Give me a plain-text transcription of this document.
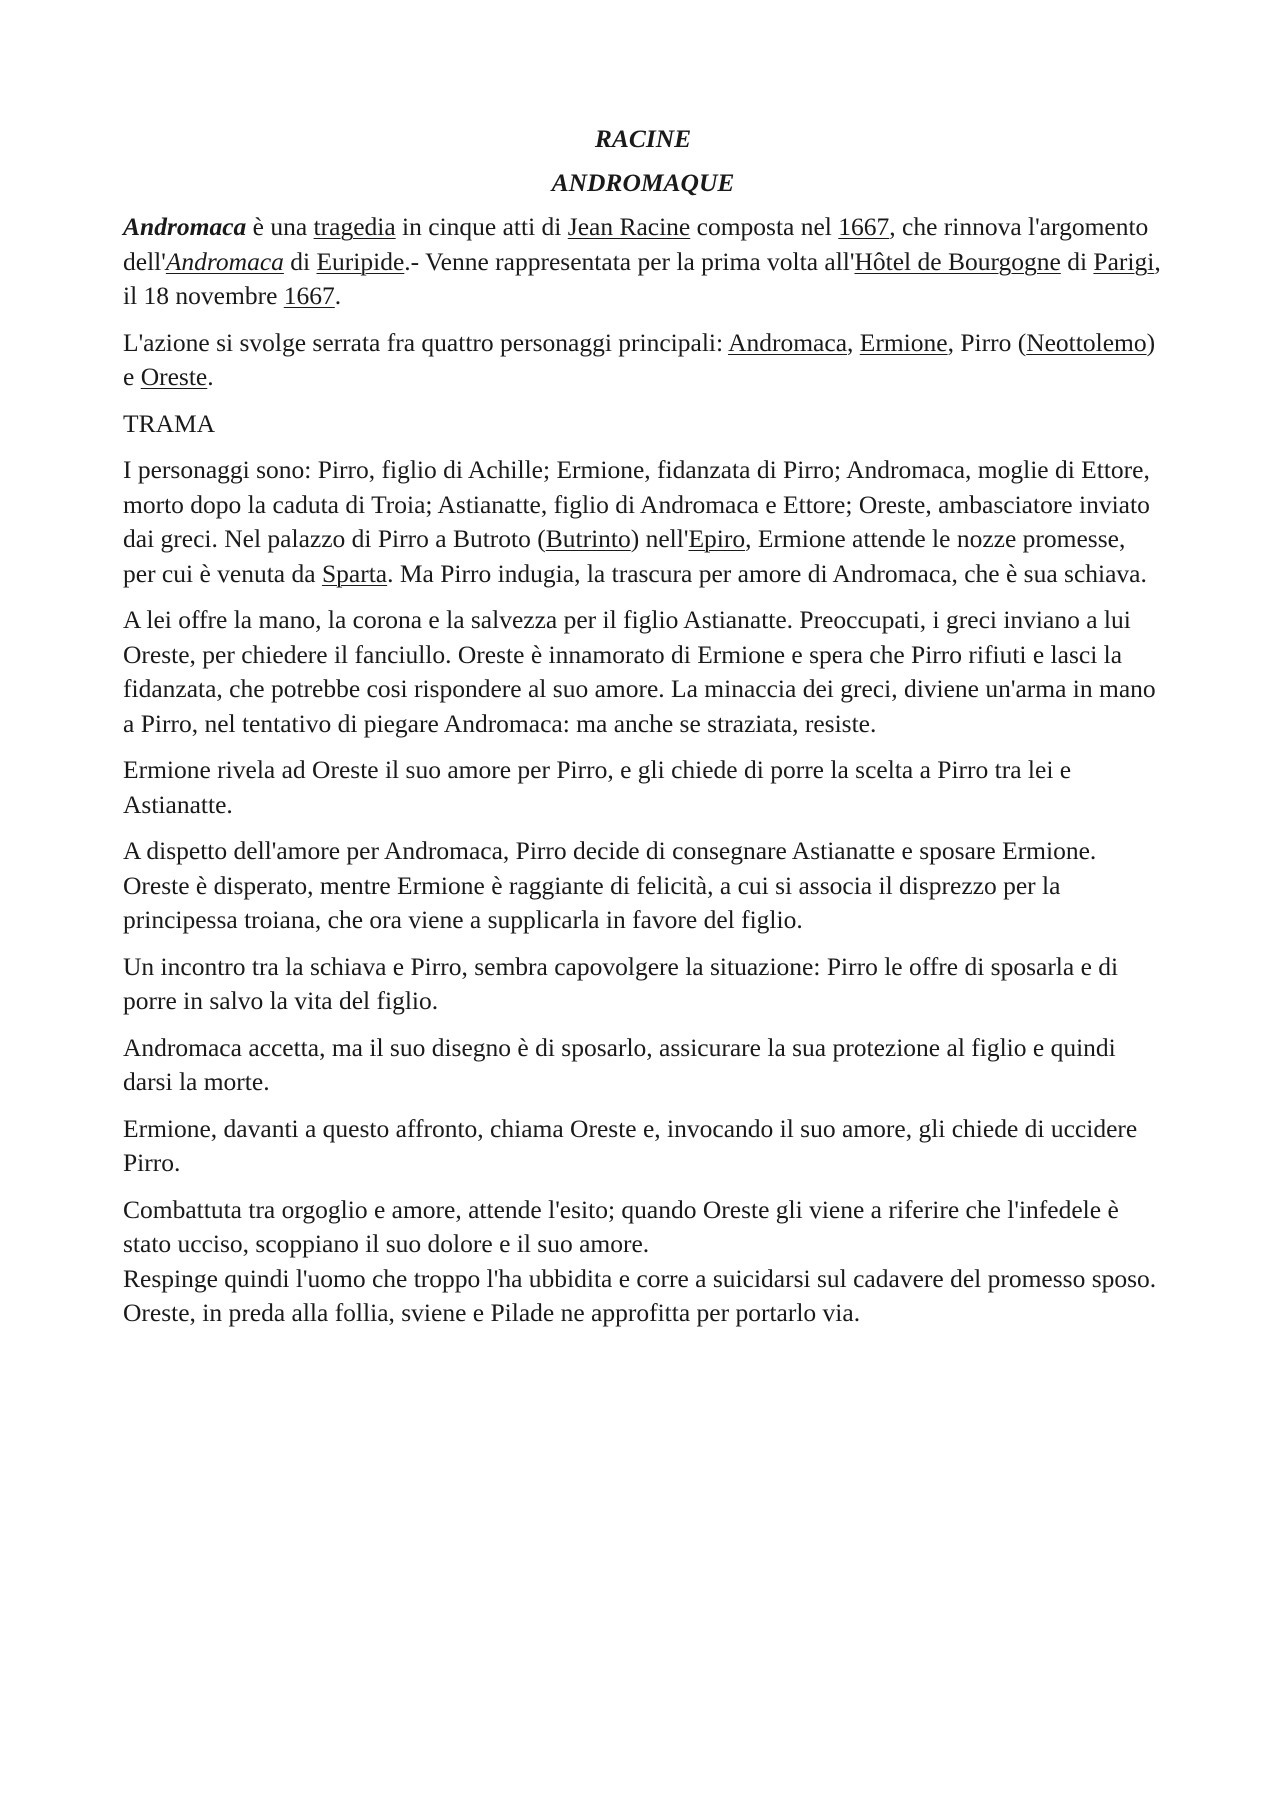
RACINE
ANDROMAQUE

Andromaca è una tragedia in cinque atti di Jean Racine composta nel 1667, che rinnova l'argomento dell'Andromaca di Euripide.- Venne rappresentata per la prima volta all'Hôtel de Bourgogne di Parigi, il 18 novembre 1667.

L'azione si svolge serrata fra quattro personaggi principali: Andromaca, Ermione, Pirro (Neottolemo) e Oreste.

TRAMA

I personaggi sono: Pirro, figlio di Achille; Ermione, fidanzata di Pirro; Andromaca, moglie di Ettore, morto dopo la caduta di Troia; Astianatte, figlio di Andromaca e Ettore; Oreste, ambasciatore inviato dai greci. Nel palazzo di Pirro a Butroto (Butrinto) nell'Epiro, Ermione attende le nozze promesse, per cui è venuta da Sparta. Ma Pirro indugia, la trascura per amore di Andromaca, che è sua schiava.

A lei offre la mano, la corona e la salvezza per il figlio Astianatte. Preoccupati, i greci inviano a lui Oreste, per chiedere il fanciullo. Oreste è innamorato di Ermione e spera che Pirro rifiuti e lasci la fidanzata, che potrebbe cosi rispondere al suo amore. La minaccia dei greci, diviene un'arma in mano a Pirro, nel tentativo di piegare Andromaca: ma anche se straziata, resiste.

Ermione rivela ad Oreste il suo amore per Pirro, e gli chiede di porre la scelta a Pirro tra lei e Astianatte.

A dispetto dell'amore per Andromaca, Pirro decide di consegnare Astianatte e sposare Ermione. Oreste è disperato, mentre Ermione è raggiante di felicità, a cui si associa il disprezzo per la principessa troiana, che ora viene a supplicarla in favore del figlio.

Un incontro tra la schiava e Pirro, sembra capovolgere la situazione: Pirro le offre di sposarla e di porre in salvo la vita del figlio.

Andromaca accetta, ma il suo disegno è di sposarlo, assicurare la sua protezione al figlio e quindi darsi la morte.

Ermione, davanti a questo affronto, chiama Oreste e, invocando il suo amore, gli chiede di uccidere Pirro.

Combattuta tra orgoglio e amore, attende l'esito; quando Oreste gli viene a riferire che l'infedele è stato ucciso, scoppiano il suo dolore e il suo amore.

Respinge quindi l'uomo che troppo l'ha ubbidita e corre a suicidarsi sul cadavere del promesso sposo.

Oreste, in preda alla follia, sviene e Pilade ne approfitta per portarlo via.
